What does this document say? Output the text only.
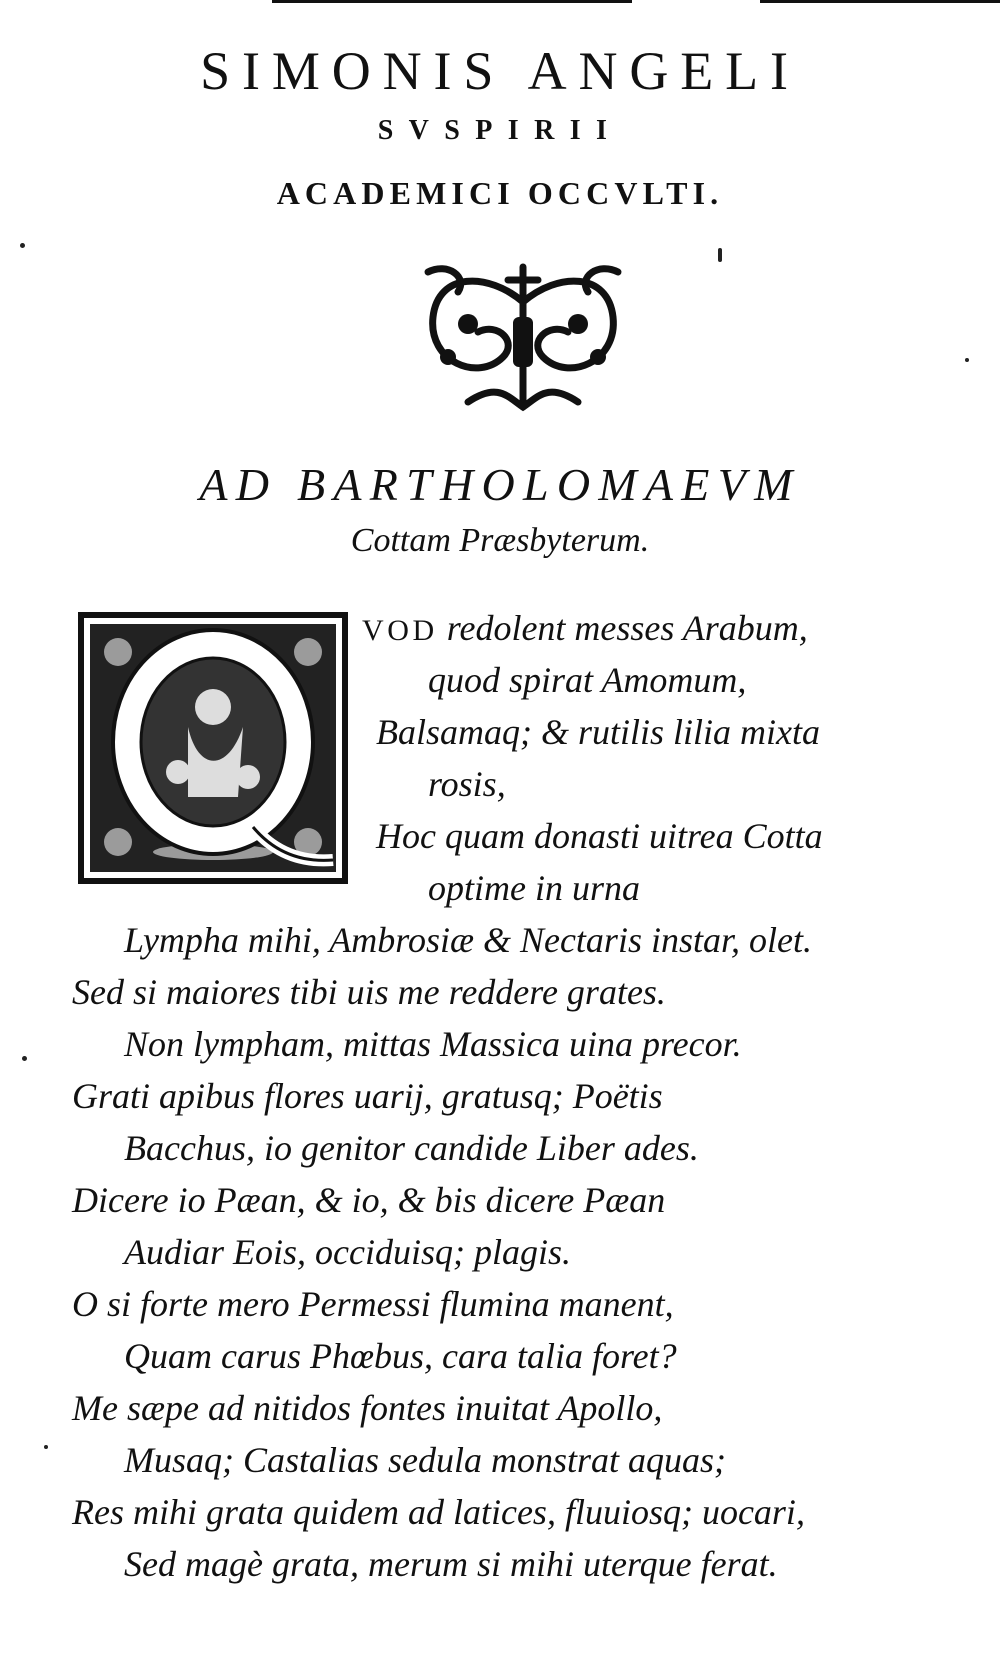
SIMONIS ANGELI
SVSPIRII
ACADEMICI OCCVLTI.
AD BARTHOLOMAEVM
Cottam Præsbyterum.
VOD redolent messes Arabum,
quod spirat Amomum,
Balsamaq; & rutilis lilia mixta
rosis,
Hoc quam donasti uitrea Cotta
optime in urna
Lympha mihi, Ambrosiæ & Nectaris instar, olet.
Sed si maiores tibi uis me reddere grates.
Non lympham, mittas Massica uina precor.
Grati apibus flores uarij, gratusq; Poëtis
Bacchus, io genitor candide Liber ades.
Dicere io Pæan, & io, & bis dicere Pæan
Audiar Eois, occiduisq; plagis.
O si forte mero Permessi flumina manent,
Quam carus Phœbus, cara talia foret?
Me sæpe ad nitidos fontes inuitat Apollo,
Musaq; Castalias sedula monstrat aquas;
Res mihi grata quidem ad latices, fluuiosq; uocari,
Sed magè grata, merum si mihi uterque ferat.
